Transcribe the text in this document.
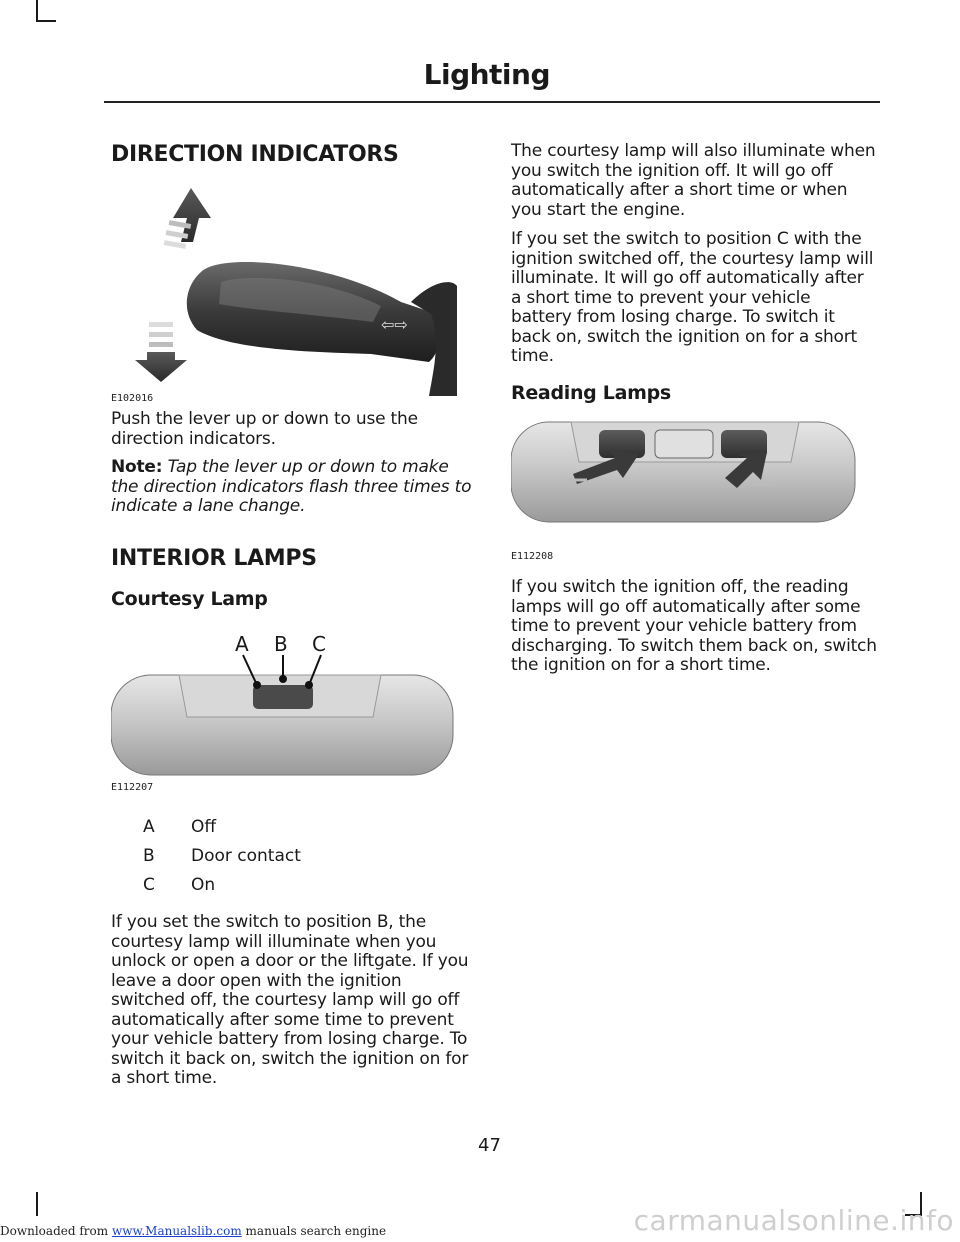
Lighting
DIRECTION INDICATORS
⇦⇨
E102016

Push the lever up or down to use the direction indicators.

Note: Tap the lever up or down to make the direction indicators flash three times to indicate a lane change.

INTERIOR LAMPS
Courtesy Lamp
A B C
E112207
A Off
B Door contact
C On

If you set the switch to position B, the courtesy lamp will illuminate when you unlock or open a door or the liftgate. If you leave a door open with the ignition switched off, the courtesy lamp will go off automatically after some time to prevent your vehicle battery from losing charge. To switch it back on, switch the ignition on for a short time.

The courtesy lamp will also illuminate when you switch the ignition off. It will go off automatically after a short time or when you start the engine.

If you set the switch to position C with the ignition switched off, the courtesy lamp will illuminate. It will go off automatically after a short time to prevent your vehicle battery from losing charge. To switch it back on, switch the ignition on for a short time.

Reading Lamps
E112208

If you switch the ignition off, the reading lamps will go off automatically after some time to prevent your vehicle battery from discharging. To switch them back on, switch the ignition on for a short time.

47
Downloaded from www.Manualslib.com manuals search engine	carmanualsonline.info
